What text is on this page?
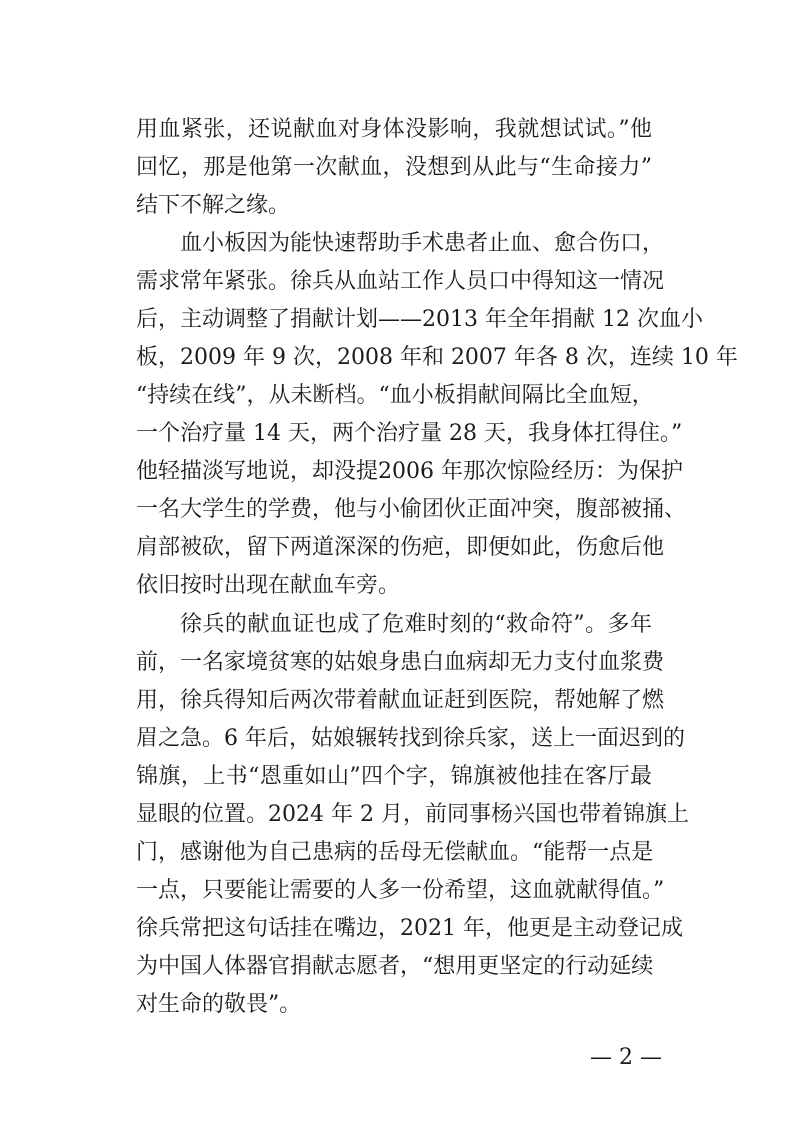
用血紧张，还说献血对身体没影响，我就想试试。”他
回忆，那是他第一次献血，没想到从此与“生命接力”
结下不解之缘。
血小板因为能快速帮助手术患者止血、愈合伤口，
需求常年紧张。徐兵从血站工作人员口中得知这一情况
后，主动调整了捐献计划——2013 年全年捐献 12 次血小
板，2009 年 9 次，2008 年和 2007 年各 8 次，连续 10 年
“持续在线”，从未断档。“血小板捐献间隔比全血短，
一个治疗量 14 天，两个治疗量 28 天，我身体扛得住。”
他轻描淡写地说，却没提2006 年那次惊险经历：为保护
一名大学生的学费，他与小偷团伙正面冲突，腹部被捅、
肩部被砍，留下两道深深的伤疤，即便如此，伤愈后他
依旧按时出现在献血车旁。
徐兵的献血证也成了危难时刻的“救命符”。多年
前，一名家境贫寒的姑娘身患白血病却无力支付血浆费
用，徐兵得知后两次带着献血证赶到医院，帮她解了燃
眉之急。6 年后，姑娘辗转找到徐兵家，送上一面迟到的
锦旗，上书“恩重如山”四个字，锦旗被他挂在客厅最
显眼的位置。2024 年 2 月，前同事杨兴国也带着锦旗上
门，感谢他为自己患病的岳母无偿献血。“能帮一点是
一点，只要能让需要的人多一份希望，这血就献得值。”
徐兵常把这句话挂在嘴边，2021 年，他更是主动登记成
为中国人体器官捐献志愿者，“想用更坚定的行动延续
对生命的敬畏”。
— 2 —
